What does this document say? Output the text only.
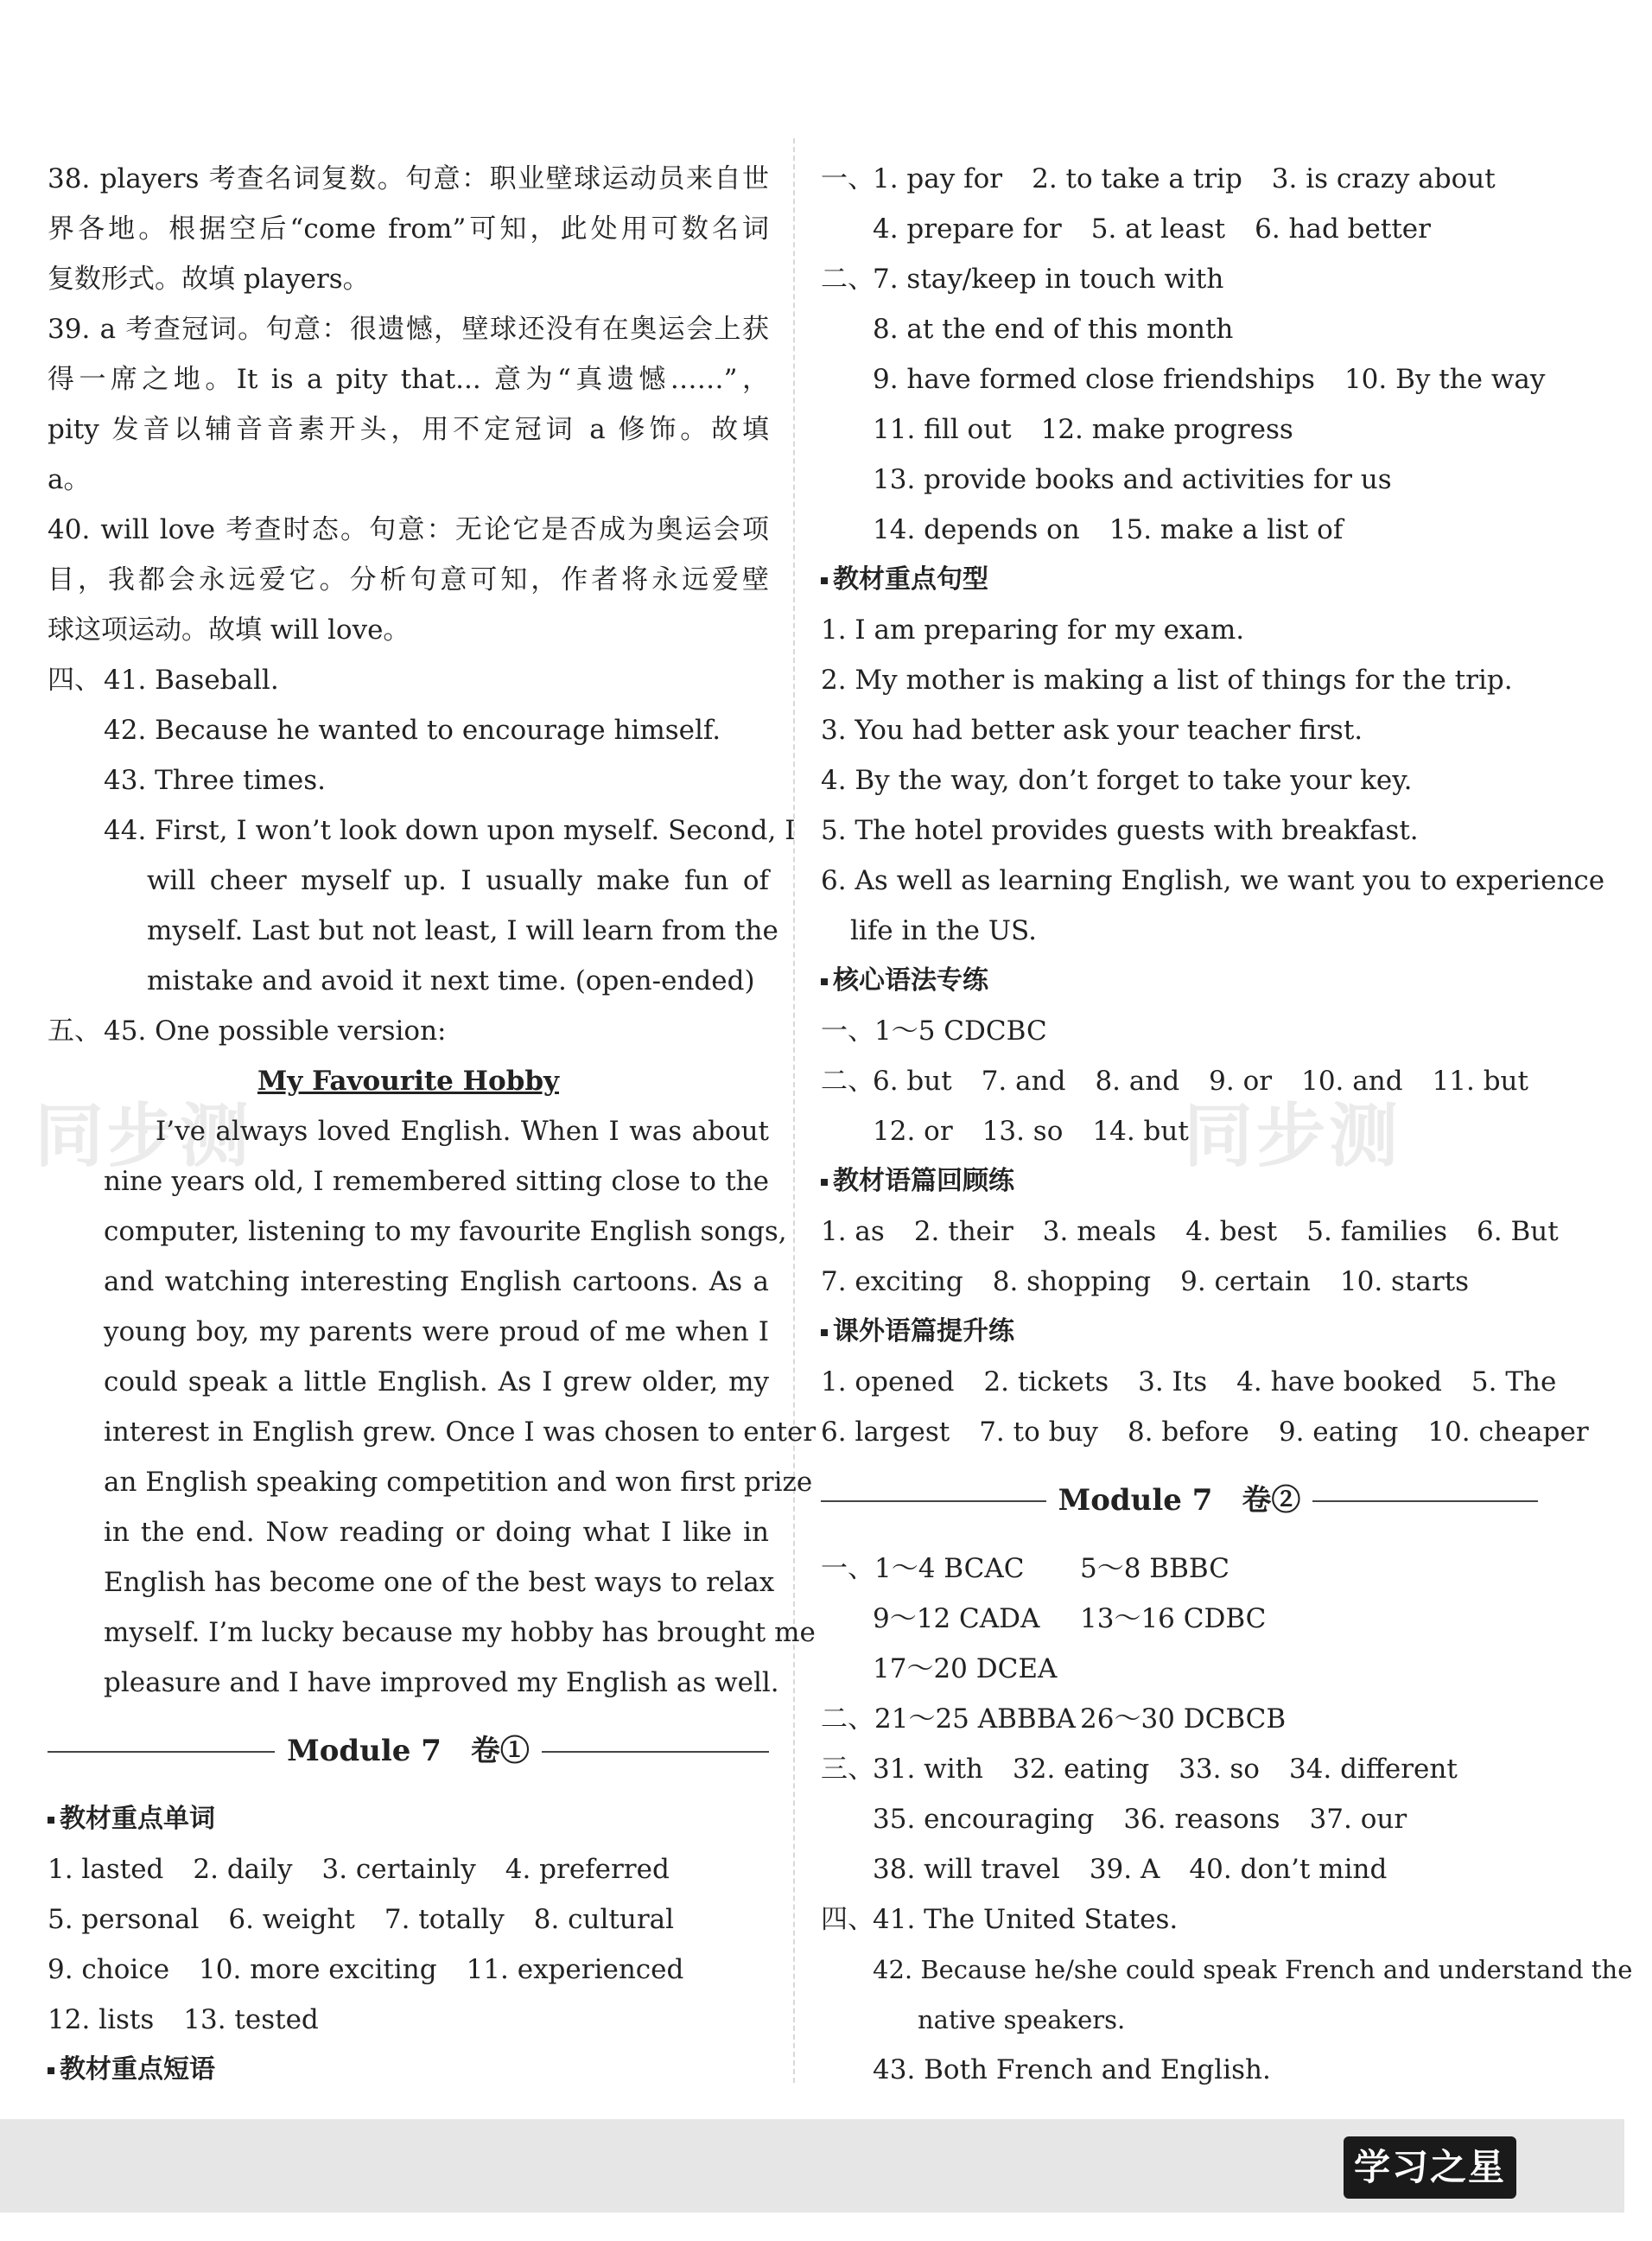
同步测	同步测
38. players 考查名词复数。句意：职业壁球运动员来自世
界各地。根据空后“come from”可知，此处用可数名词
复数形式。故填 players。
39. a 考查冠词。句意：很遗憾，壁球还没有在奥运会上获
得一席之地。It is a pity that... 意为“真遗憾……”，
pity 发音以辅音音素开头，用不定冠词 a 修饰。故填
a。
40. will love 考查时态。句意：无论它是否成为奥运会项
目，我都会永远爱它。分析句意可知，作者将永远爱壁
球这项运动。故填 will love。
四、41. Baseball.
42. Because he wanted to encourage himself.
43. Three times.
44. First, I won’t look down upon myself. Second, I
will cheer myself up. I usually make fun of
myself. Last but not least, I will learn from the
mistake and avoid it next time. (open-ended)
五、45. One possible version:
My Favourite Hobby
I’ve always loved English. When I was about
nine years old, I remembered sitting close to the
computer, listening to my favourite English songs,
and watching interesting English cartoons. As a
young boy, my parents were proud of me when I
could speak a little English. As I grew older, my
interest in English grew. Once I was chosen to enter
an English speaking competition and won first prize
in the end. Now reading or doing what I like in
English has become one of the best ways to relax
myself. I’m lucky because my hobby has brought me
pleasure and I have improved my English as well.
Module 7　卷①
教材重点单词
1. lasted 2. daily 3. certainly 4. preferred
5. personal 6. weight 7. totally 8. cultural
9. choice 10. more exciting 11. experienced
12. lists 13. tested
教材重点短语
一、1. pay for 2. to take a trip 3. is crazy about
4. prepare for 5. at least 6. had better
二、7. stay/keep in touch with
8. at the end of this month
9. have formed close friendships 10. By the way
11. fill out 12. make progress
13. provide books and activities for us
14. depends on 15. make a list of
教材重点句型
1. I am preparing for my exam.
2. My mother is making a list of things for the trip.
3. You had better ask your teacher first.
4. By the way, don’t forget to take your key.
5. The hotel provides guests with breakfast.
6. As well as learning English, we want you to experience
life in the US.
核心语法专练
一、1～5 CDCBC
二、6. but 7. and 8. and 9. or 10. and 11. but
12. or 13. so 14. but
教材语篇回顾练
1. as 2. their 3. meals 4. best 5. families 6. But
7. exciting 8. shopping 9. certain 10. starts
课外语篇提升练
1. opened 2. tickets 3. Its 4. have booked 5. The
6. largest 7. to buy 8. before 9. eating 10. cheaper
Module 7　卷②
一、1～4 BCAC 5～8 BBBC
9～12 CADA 13～16 CDBC
17～20 DCEA
二、21～25 ABBBA 26～30 DCBCB
三、31. with 32. eating 33. so 34. different
35. encouraging 36. reasons 37. our
38. will travel 39. A 40. don’t mind
四、41. The United States.
42. Because he/she could speak French and understand the
native speakers.
43. Both French and English.
学习之星
